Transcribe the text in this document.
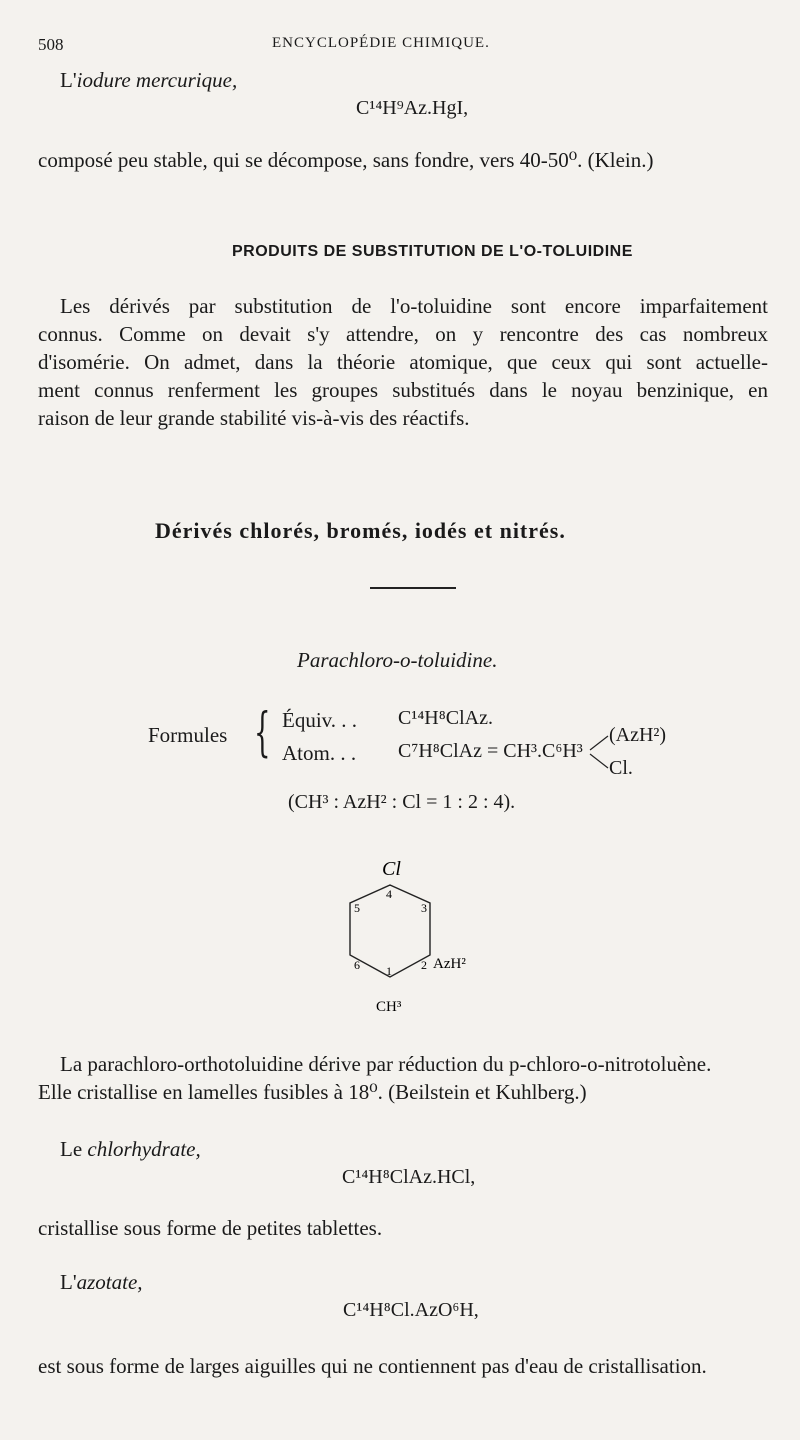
508	ENCYCLOPÉDIE CHIMIQUE.
L'iodure mercurique,
C¹⁴H⁹Az.HgI,
composé peu stable, qui se décompose, sans fondre, vers 40-50⁰. (Klein.)
PRODUITS DE SUBSTITUTION DE L'O-TOLUIDINE
Les dérivés par substitution de l'o-toluidine sont encore imparfaitement
connus. Comme on devait s'y attendre, on y rencontre des cas nombreux
d'isomérie. On admet, dans la théorie atomique, que ceux qui sont actuelle-
ment connus renferment les groupes substitués dans le noyau benzinique, en
raison de leur grande stabilité vis-à-vis des réactifs.
Dérivés chlorés, bromés, iodés et nitrés.
Parachloro-o-toluidine.
Formules { Équiv. . . C¹⁴H⁸ClAz.
Atom. . . C⁷H⁸ClAz = CH³.C⁶H³
(AzH²)
Cl.
(CH³ : AzH² : Cl = 1 : 2 : 4).
Cl
4
3
5
6	2
1	AzH²
CH³
La parachloro-orthotoluidine dérive par réduction du p-chloro-o-nitrotoluène.
Elle cristallise en lamelles fusibles à 18⁰. (Beilstein et Kuhlberg.)
Le chlorhydrate,
C¹⁴H⁸ClAz.HCl,
cristallise sous forme de petites tablettes.
L'azotate,
C¹⁴H⁸Cl.AzO⁶H,
est sous forme de larges aiguilles qui ne contiennent pas d'eau de cristallisation.
